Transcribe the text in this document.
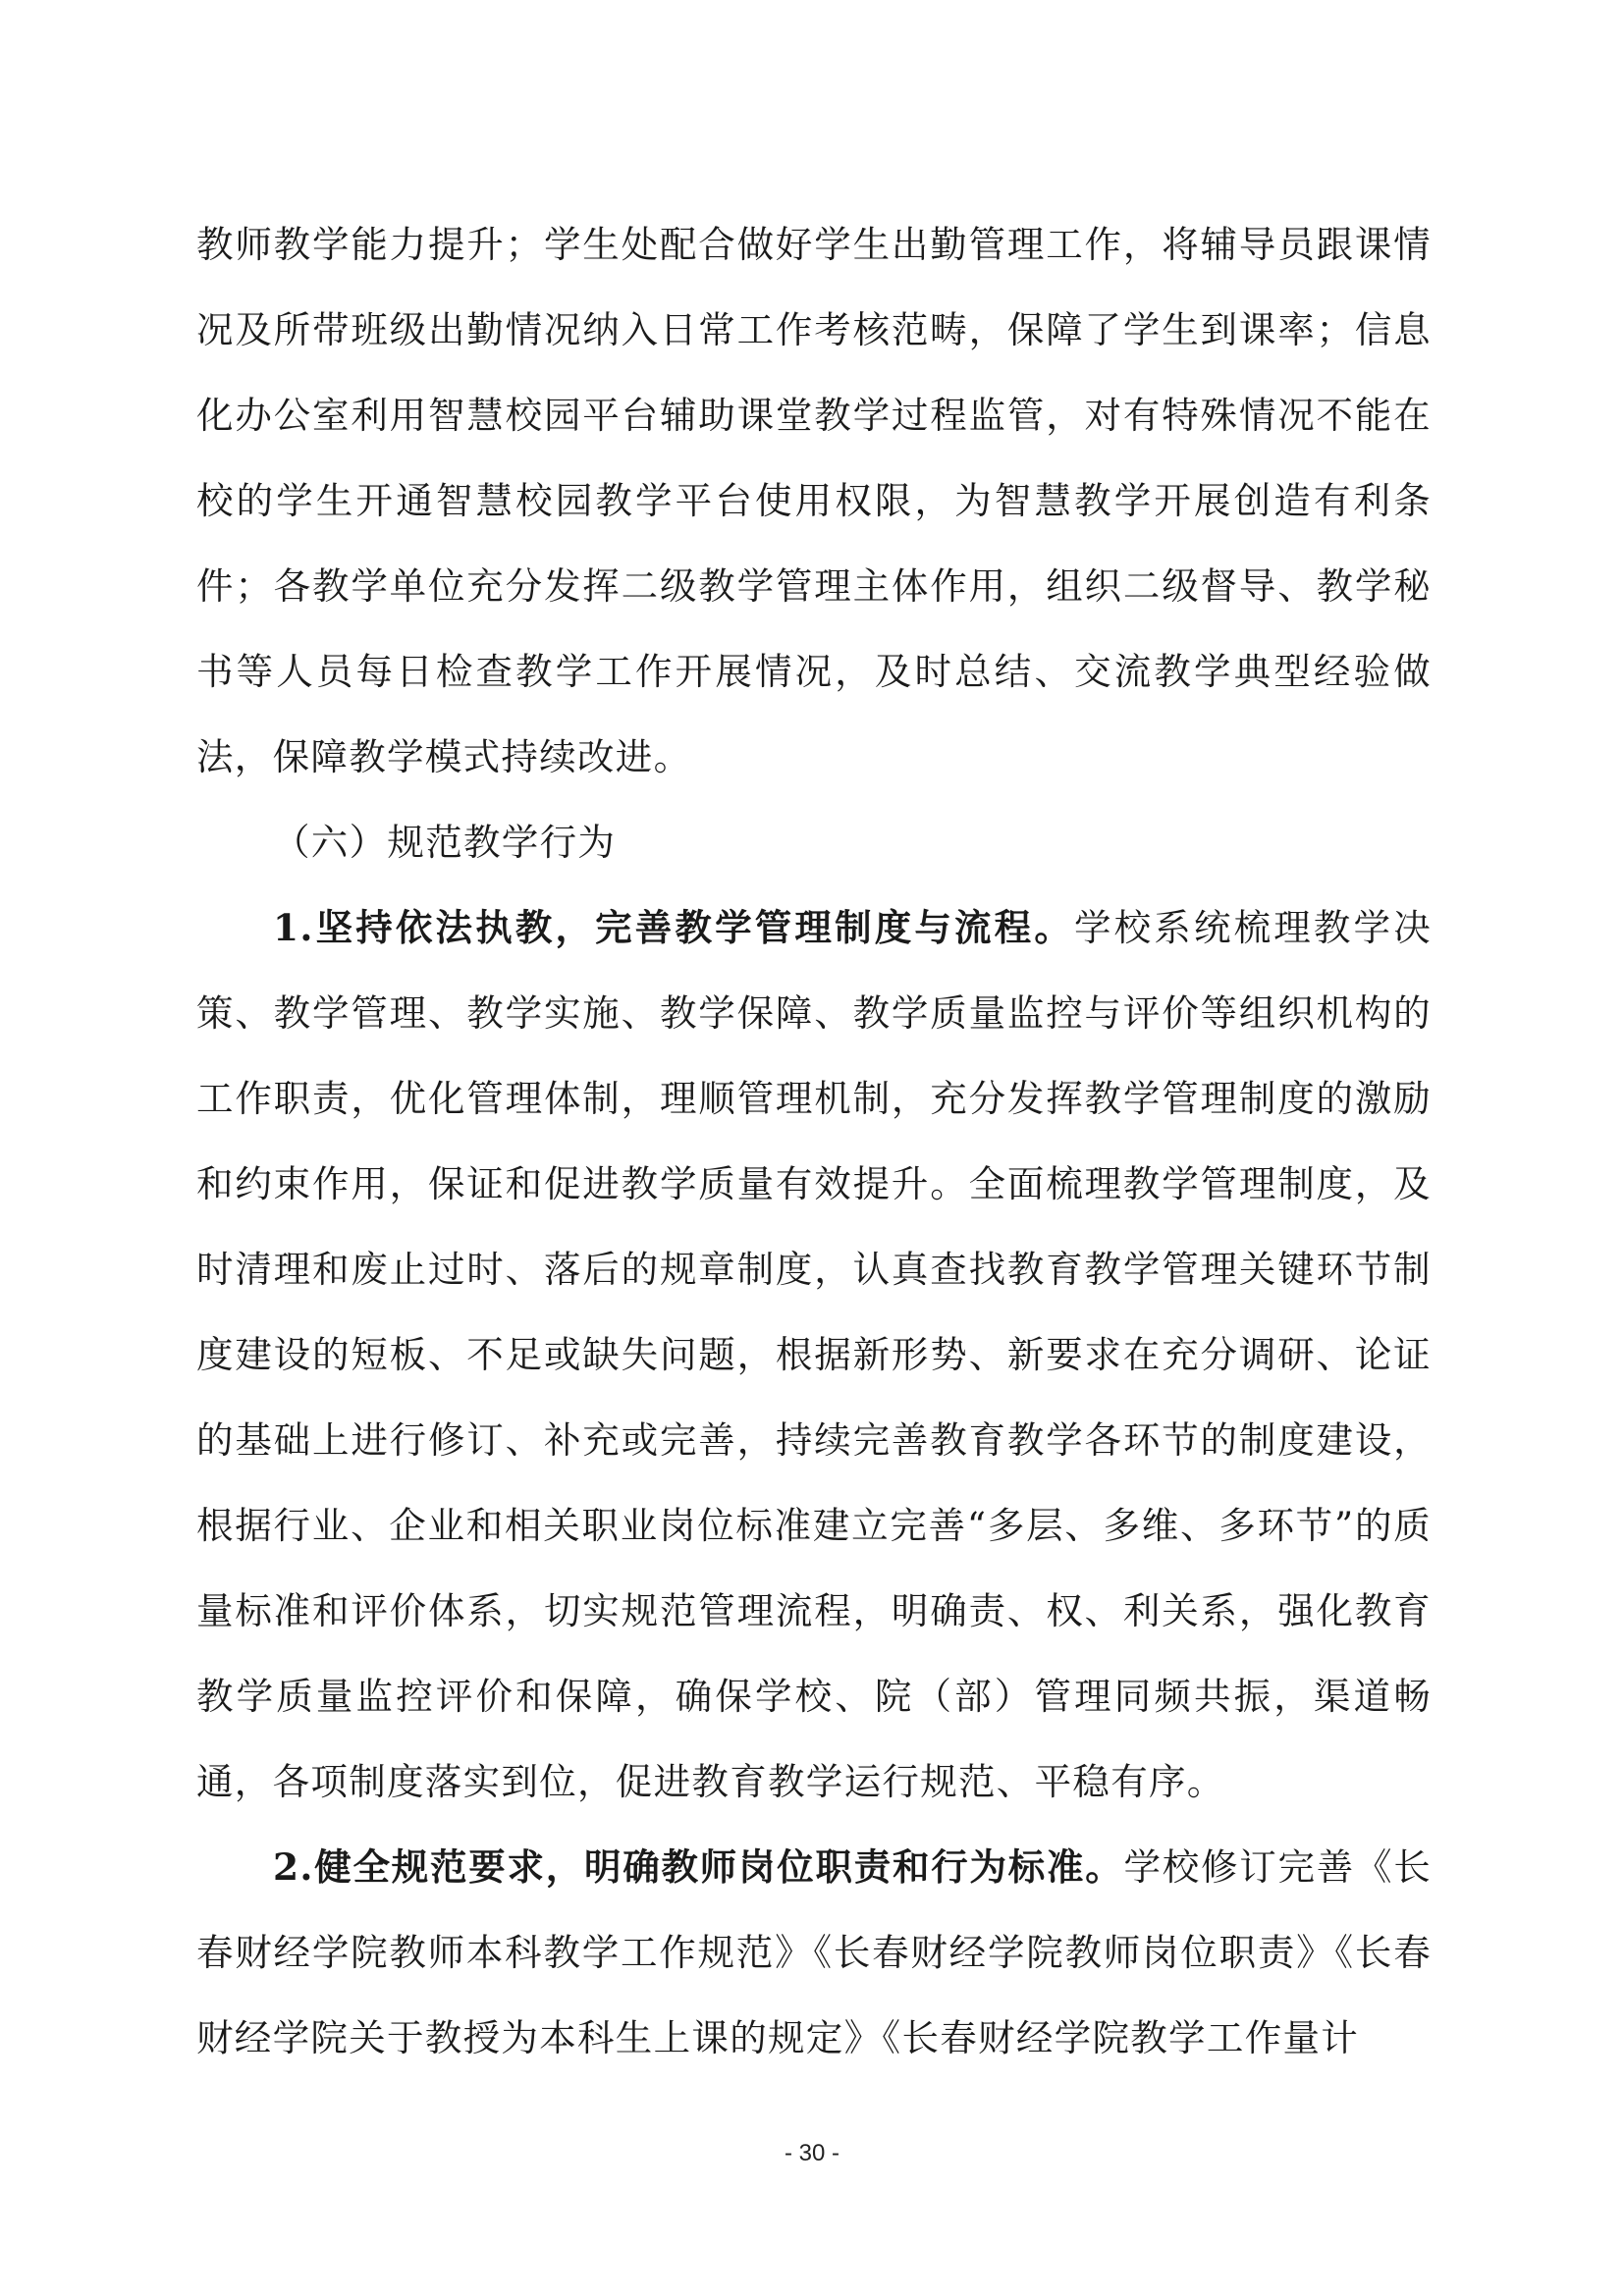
教师教学能力提升；学生处配合做好学生出勤管理工作，将辅导员跟课情况及所带班级出勤情况纳入日常工作考核范畴，保障了学生到课率；信息化办公室利用智慧校园平台辅助课堂教学过程监管，对有特殊情况不能在校的学生开通智慧校园教学平台使用权限，为智慧教学开展创造有利条件；各教学单位充分发挥二级教学管理主体作用，组织二级督导、教学秘书等人员每日检查教学工作开展情况，及时总结、交流教学典型经验做法，保障教学模式持续改进。

（六）规范教学行为

1.坚持依法执教，完善教学管理制度与流程。学校系统梳理教学决策、教学管理、教学实施、教学保障、教学质量监控与评价等组织机构的工作职责，优化管理体制，理顺管理机制，充分发挥教学管理制度的激励和约束作用，保证和促进教学质量有效提升。全面梳理教学管理制度，及时清理和废止过时、落后的规章制度，认真查找教育教学管理关键环节制度建设的短板、不足或缺失问题，根据新形势、新要求在充分调研、论证的基础上进行修订、补充或完善，持续完善教育教学各环节的制度建设，根据行业、企业和相关职业岗位标准建立完善“多层、多维、多环节”的质量标准和评价体系，切实规范管理流程，明确责、权、利关系，强化教育教学质量监控评价和保障，确保学校、院（部）管理同频共振，渠道畅通，各项制度落实到位，促进教育教学运行规范、平稳有序。

2.健全规范要求，明确教师岗位职责和行为标准。学校修订完善《长春财经学院教师本科教学工作规范》《长春财经学院教师岗位职责》《长春财经学院关于教授为本科生上课的规定》《长春财经学院教学工作量计

- 30 -
